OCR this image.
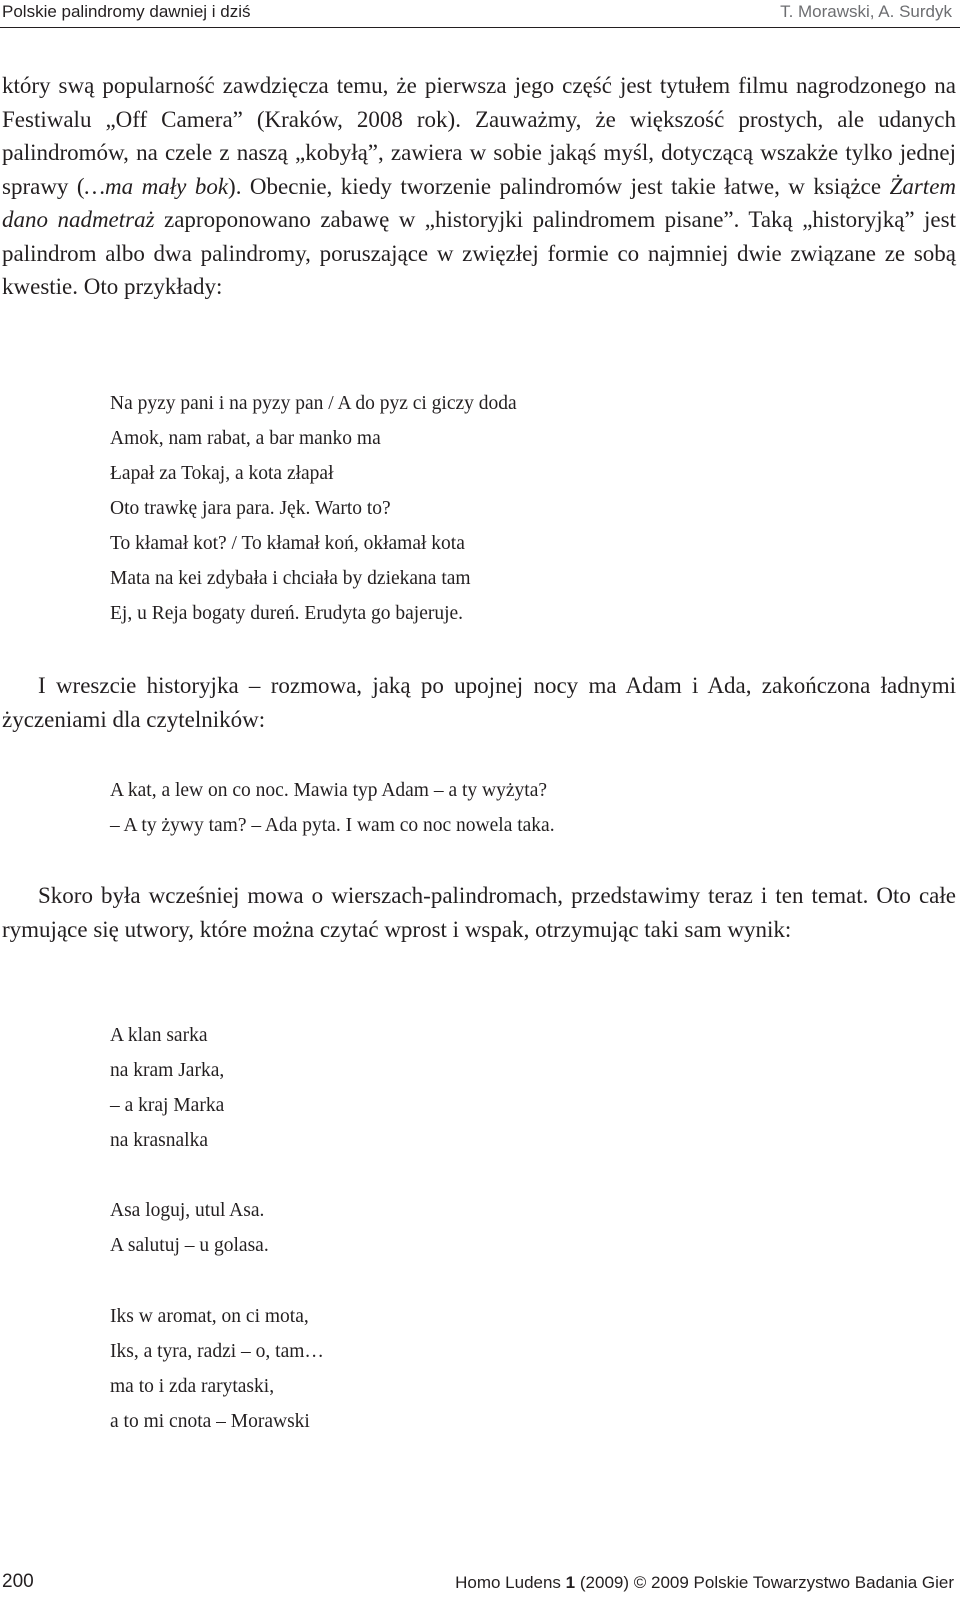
Polskie palindromy dawniej i dziś	T. Morawski, A. Surdyk

który swą popularność zawdzięcza temu, że pierwsza jego część jest tytułem filmu nagrodzonego na Festiwalu „Off Camera” (Kraków, 2008 rok). Zauważmy, że większość prostych, ale udanych palindromów, na czele z naszą „kobyłą”, zawiera w sobie jakąś myśl, dotyczącą wszakże tylko jednej sprawy (…ma mały bok). Obecnie, kiedy tworzenie palindromów jest takie łatwe, w książce Żartem dano nadmetraż zaproponowano zabawę w „historyjki palindromem pisane”. Taką „historyjką” jest palindrom albo dwa palindromy, poruszające w zwięzłej formie co najmniej dwie związane ze sobą kwestie. Oto przykłady:

Na pyzy pani i na pyzy pan / A do pyz ci giczy doda
Amok, nam rabat, a bar manko ma
Łapał za Tokaj, a kota złapał
Oto trawkę jara para. Jęk. Warto to?
To kłamał kot? / To kłamał koń, okłamał kota
Mata na kei zdybała i chciała by dziekana tam
Ej, u Reja bogaty dureń. Erudyta go bajeruje.

I wreszcie historyjka – rozmowa, jaką po upojnej nocy ma Adam i Ada, zakończona ładnymi życzeniami dla czytelników:

A kat, a lew on co noc. Mawia typ Adam – a ty wyżyta?
– A ty żywy tam? – Ada pyta. I wam co noc nowela taka.

Skoro była wcześniej mowa o wierszach-palindromach, przedstawimy teraz i ten temat. Oto całe rymujące się utwory, które można czytać wprost i wspak, otrzymując taki sam wynik:

A klan sarka
na kram Jarka,
– a kraj Marka
na krasnalka
Asa loguj, utul Asa.
A salutuj – u golasa.
Iks w aromat, on ci mota,
Iks, a tyra, radzi – o, tam…
ma to i zda rarytaski,
a to mi cnota – Morawski
200	Homo Ludens 1 (2009) © 2009 Polskie Towarzystwo Badania Gier
